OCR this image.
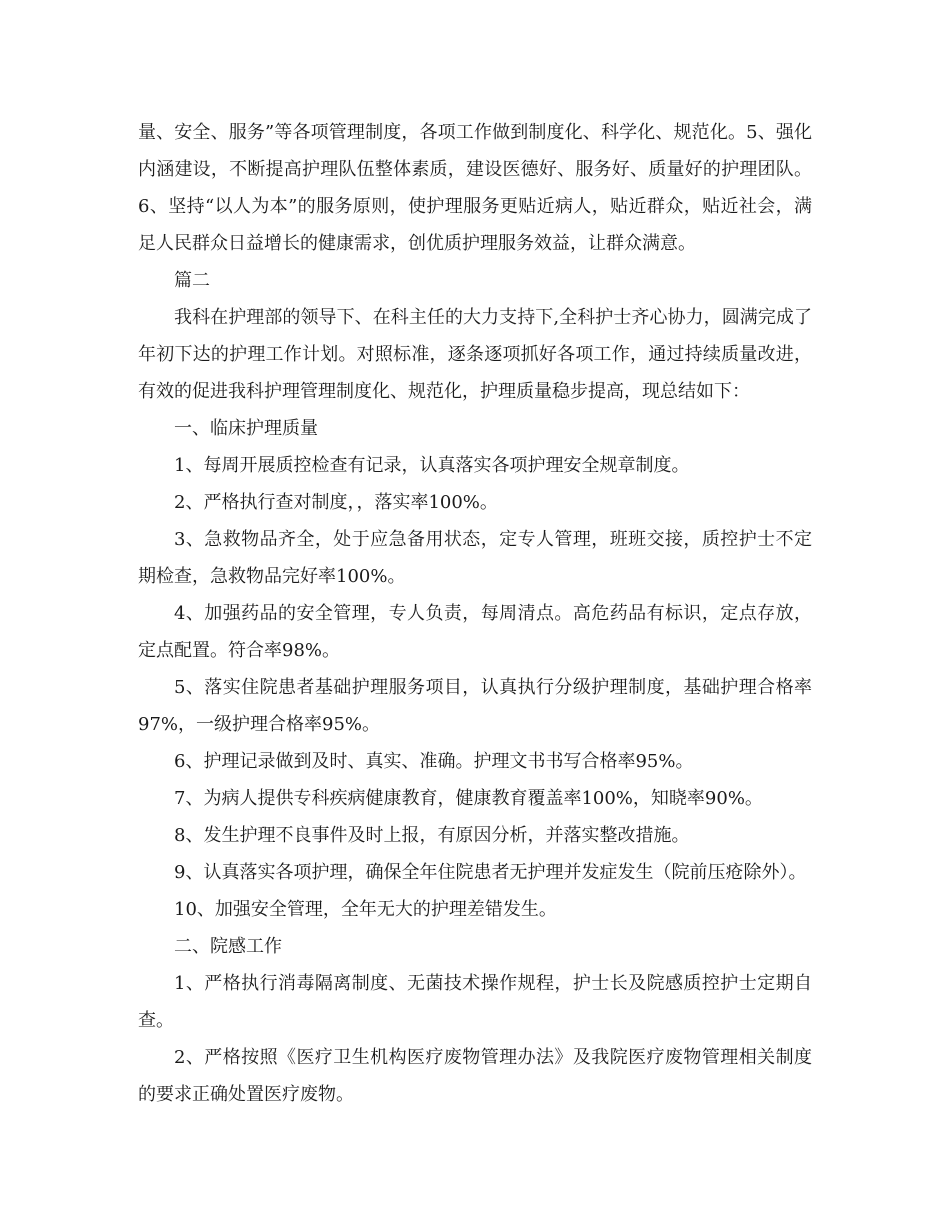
量、安全、服务”等各项管理制度，各项工作做到制度化、科学化、规范化。5、强化内涵建设，不断提高护理队伍整体素质，建设医德好、服务好、质量好的护理团队。6、坚持“以人为本”的服务原则，使护理服务更贴近病人，贴近群众，贴近社会，满足人民群众日益增长的健康需求，创优质护理服务效益，让群众满意。

篇二

我科在护理部的领导下、在科主任的大力支持下,全科护士齐心协力，圆满完成了年初下达的护理工作计划。对照标准，逐条逐项抓好各项工作，通过持续质量改进，有效的促进我科护理管理制度化、规范化，护理质量稳步提高，现总结如下：

一、临床护理质量

1、每周开展质控检查有记录，认真落实各项护理安全规章制度。

2、严格执行查对制度，，落实率100%。

3、急救物品齐全，处于应急备用状态，定专人管理，班班交接，质控护士不定期检查，急救物品完好率100%。

4、加强药品的安全管理，专人负责，每周清点。高危药品有标识，定点存放，定点配置。符合率98%。

5、落实住院患者基础护理服务项目，认真执行分级护理制度，基础护理合格率97%，一级护理合格率95%。

6、护理记录做到及时、真实、准确。护理文书书写合格率95%。

7、为病人提供专科疾病健康教育，健康教育覆盖率100%，知晓率90%。

8、发生护理不良事件及时上报，有原因分析，并落实整改措施。

9、认真落实各项护理，确保全年住院患者无护理并发症发生（院前压疮除外）。

10、加强安全管理，全年无大的护理差错发生。

二、院感工作

1、严格执行消毒隔离制度、无菌技术操作规程，护士长及院感质控护士定期自查。

2、严格按照《医疗卫生机构医疗废物管理办法》及我院医疗废物管理相关制度的要求正确处置医疗废物。
